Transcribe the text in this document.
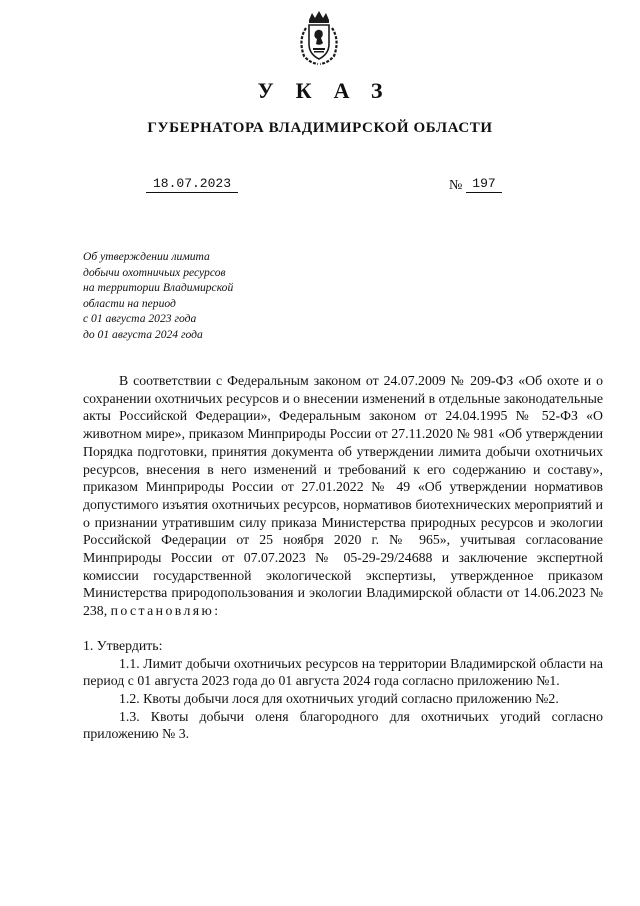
УКАЗ
ГУБЕРНАТОРА ВЛАДИМИРСКОЙ ОБЛАСТИ
18.07.2023	№ 197
Об утверждении лимита
добычи охотничьих ресурсов
на территории Владимирской
области на период
с 01 августа 2023 года
до 01 августа 2024 года

В соответствии с Федеральным законом от 24.07.2009 № 209-ФЗ «Об охоте и о сохранении охотничьих ресурсов и о внесении изменений в отдельные законодательные акты Российской Федерации», Федеральным законом от 24.04.1995 № 52-ФЗ «О животном мире», приказом Минприроды России от 27.11.2020 № 981 «Об утверждении Порядка подготовки, принятия документа об утверждении лимита добычи охотничьих ресурсов, внесения в него изменений и требований к его содержанию и составу», приказом Минприроды России от 27.01.2022 № 49 «Об утверждении нормативов допустимого изъятия охотничьих ресурсов, нормативов биотехнических мероприятий и о признании утратившим силу приказа Министерства природных ресурсов и экологии Российской Федерации от 25 ноября 2020 г. № 965», учитывая согласование Минприроды России от 07.07.2023 № 05-29-29/24688 и заключение экспертной комиссии государственной экологической экспертизы, утвержденное приказом Министерства природопользования и экологии Владимирской области от 14.06.2023 № 238, постановляю:

1. Утвердить:

1.1. Лимит добычи охотничьих ресурсов на территории Владимирской области на период с 01 августа 2023 года до 01 августа 2024 года согласно приложению №1.

1.2. Квоты добычи лося для охотничьих угодий согласно приложению №2.

1.3. Квоты добычи оленя благородного для охотничьих угодий согласно приложению № 3.
